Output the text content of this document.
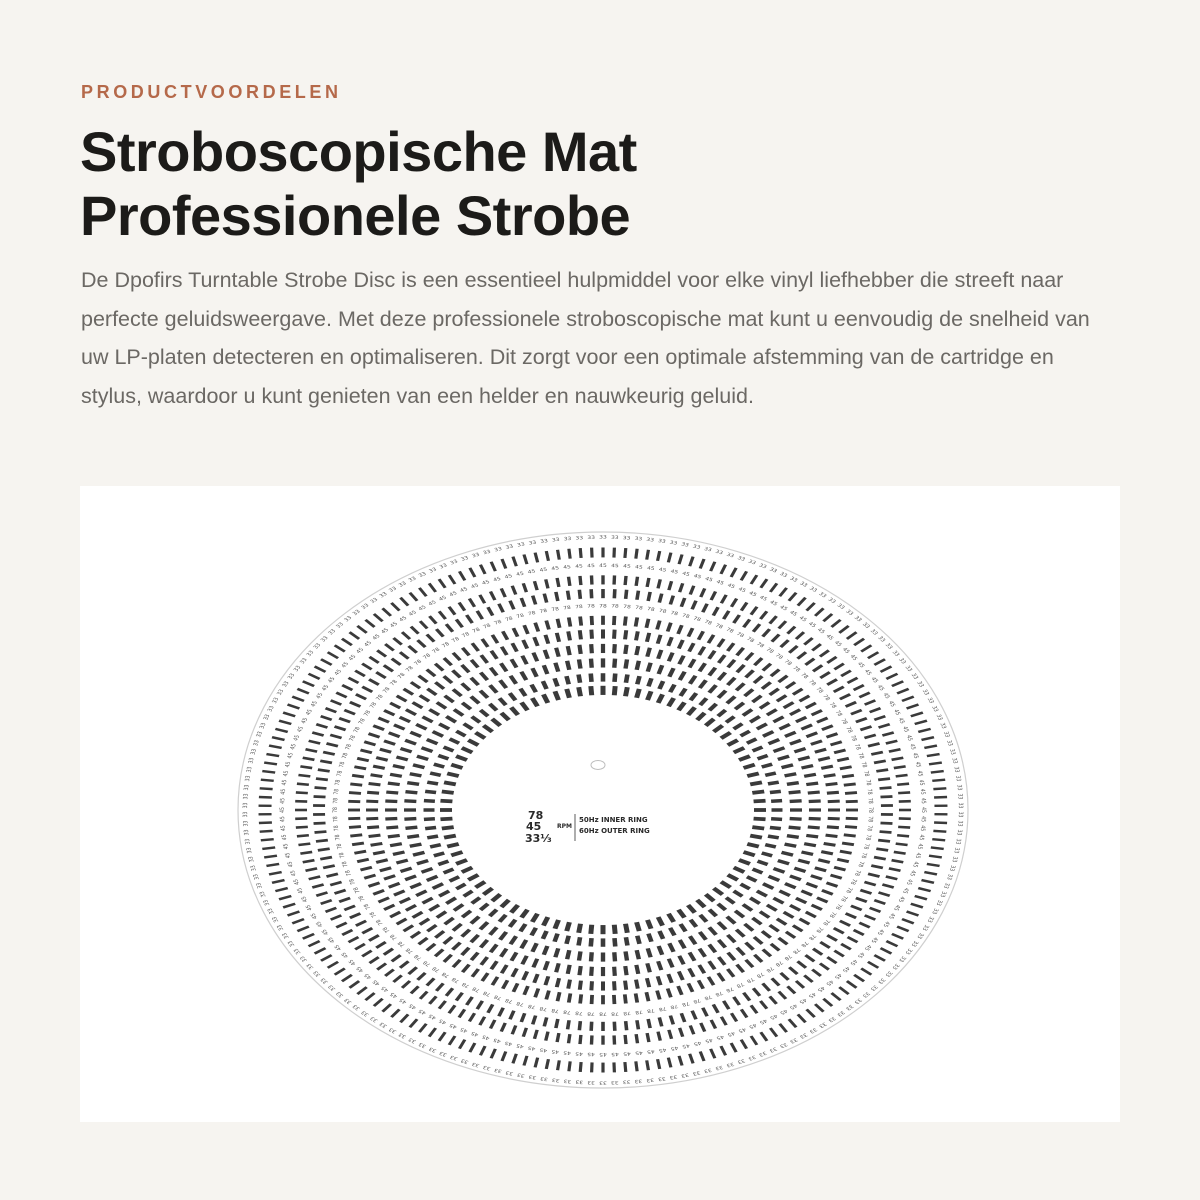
PRODUCTVOORDELEN

Stroboscopische Mat
Professionele Strobe

De Dpofirs Turntable Strobe Disc is een essentieel hulpmiddel voor elke vinyl liefhebber die streeft naar perfecte geluidsweergave. Met deze professionele stroboscopische mat kunt u eenvoudig de snelheid van uw LP-platen detecteren en optimaliseren. Dit zorgt voor een optimale afstemming van de cartridge en stylus, waardoor u kunt genieten van een helder en nauwkeurig geluid.

33 33 33 33 33 33 33 33 33 33 33 33 33
33
33
33
33
33
33
33
33
33
33
33
33
33
33
33
33
33
33
33
33
33
33
33
33
33
33
33
33
33
33
33
33
33
33
33
33
33
33
33
33
33
33
33
33
33
33
33
33
33
33
33
33
33
33
33
33
33
33
33
33
33
33
33
33
33
33
33
33
33
33
33
33
33
33
33
33
33
33
33
33
33
33
33
33
33
33
33
33
33
33
33
33
33
33
33
33
33
33
33
33
33
33
33
33
33
33
33
33
33
33
33
33
33
33
33
33
33
33
33
33
33
33
33
33
33
33
33
33
33
33
33
33
33
33
33
33
33
33
33
33
33
33
33
33
33
33
33
33
33
33
33
33
33
33
33
33
33
33
33
33
33
33
33
33
33
33 33 33 33 33 33 33 33 33 33 33 33
45 45 45 45 45 45 45 45 45 45 45 45
45
45
45
45
45
45
45
45
45
45
45
45
45
45
45
45
45
45
45
45
45
45
45
45
45
45
45
45
45
45
45
45
45
45
45
45
45
45
45
45
45
45
45
45
45
45
45
45
45
45
45
45
45
45
45
45
45
45
45
45
45
45
45
45
45
45
45
45
45
45
45
45
45
45
45
45
45
45
45
45
45
45
45
45
45
45
45
45
45
45
45
45
45
45
45
45
45
45
45
45
45
45
45
45
45
45
45
45
45
45
45
45
45
45
45
45
45
45
45
45
45
45
45
45
45
45
45
45
45
45
45
45
45
45
45
45
45
45
45
45
45
45
45
45
45
45 45 45 45 45 45 45 45 45 45 45
78 78 78 78 78 78 78 78 78 78
78
78
78
78
78
78
78
78
78
78
78
78
78
78
78
78
78
78
78
78
78
78
78
78
78
78
78
78
78
78
78
78
78
78
78
78
78
78
78
78
78
78
78
78
78
78
78
78
78
78
78
78
78
78
78
78
78
78
78
78
78
78
78
78
78
78
78
78
78
78
78
78
78
78
78
78
78
78
78
78
78
78
78
78
78
78
78
78
78
78
78
78
78
78
78
78
78
78
78
78
78
78
78
78
78
78
78
78
78
78
78
78
78
78
78
78
78
78
78
78
78
78 78 78 78 78 78 78 78 78
78
45
33⅓
RPM
50Hz INNER RING
60Hz OUTER RING
